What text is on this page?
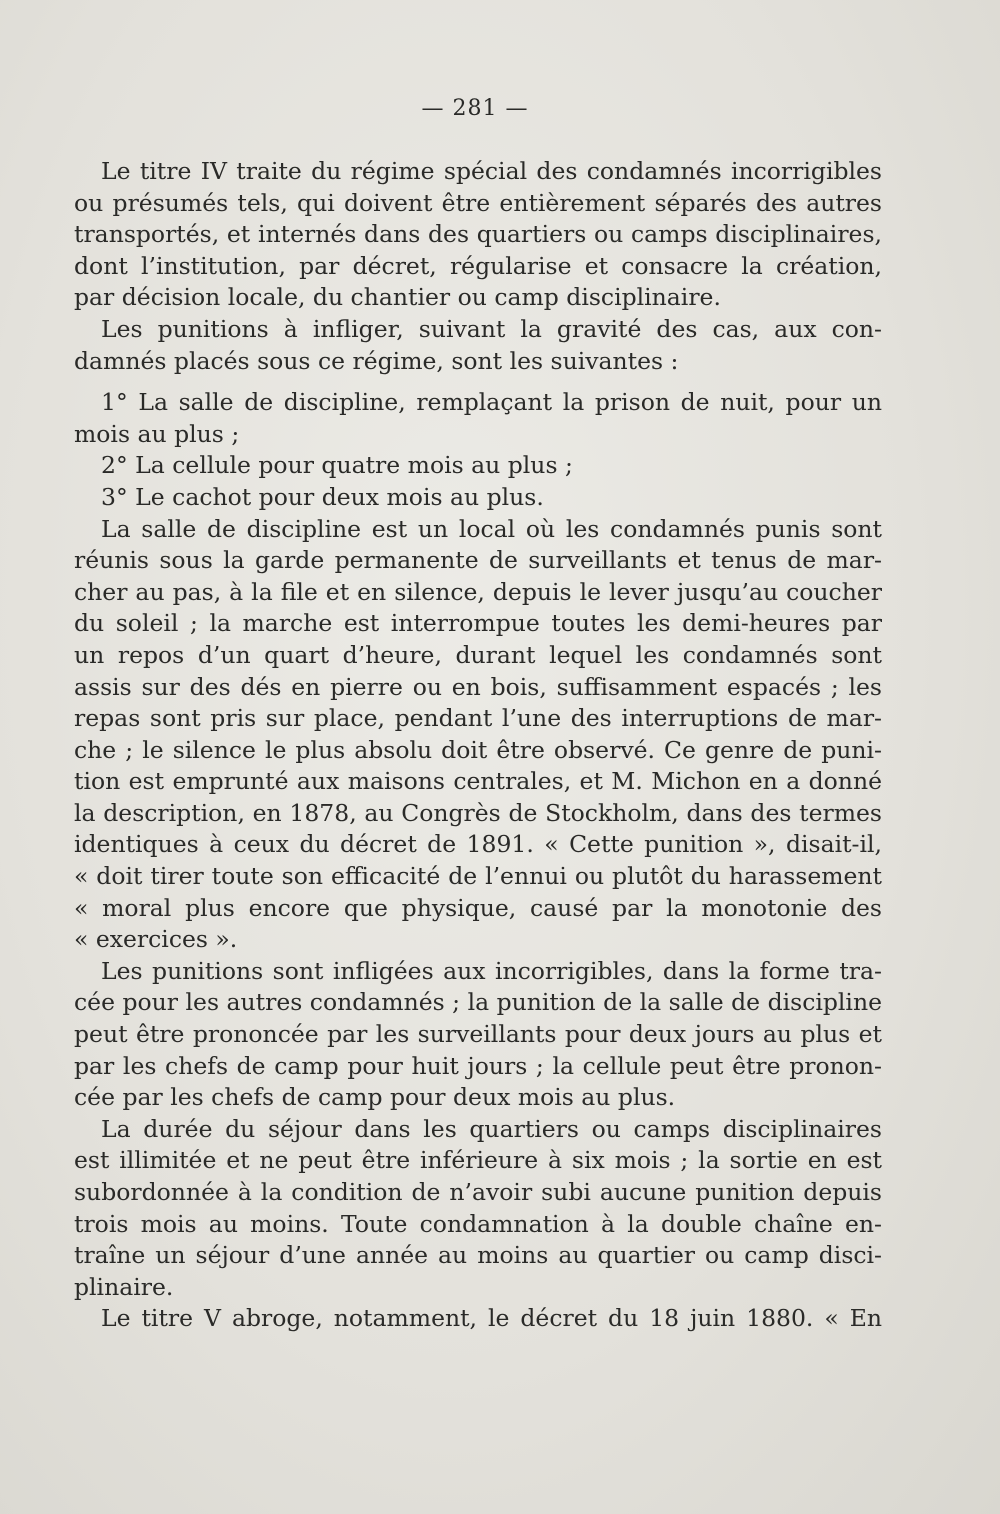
— 281 —
Le titre IV traite du régime spécial des condamnés incorrigibles
ou présumés tels, qui doivent être entièrement séparés des autres
transportés, et internés dans des quartiers ou camps disciplinaires,
dont l’institution, par décret, régularise et consacre la création,
par décision locale, du chantier ou camp disciplinaire.
Les punitions à infliger, suivant la gravité des cas, aux con-
damnés placés sous ce régime, sont les suivantes :
1° La salle de discipline, remplaçant la prison de nuit, pour un
mois au plus ;
2° La cellule pour quatre mois au plus ;
3° Le cachot pour deux mois au plus.
La salle de discipline est un local où les condamnés punis sont
réunis sous la garde permanente de surveillants et tenus de mar-
cher au pas, à la file et en silence, depuis le lever jusqu’au coucher
du soleil ; la marche est interrompue toutes les demi-heures par
un repos d’un quart d’heure, durant lequel les condamnés sont
assis sur des dés en pierre ou en bois, suffisamment espacés ; les
repas sont pris sur place, pendant l’une des interruptions de mar-
che ; le silence le plus absolu doit être observé. Ce genre de puni-
tion est emprunté aux maisons centrales, et M. Michon en a donné
la description, en 1878, au Congrès de Stockholm, dans des termes
identiques à ceux du décret de 1891. « Cette punition », disait-il,
« doit tirer toute son efficacité de l’ennui ou plutôt du harassement
« moral plus encore que physique, causé par la monotonie des
« exercices ».
Les punitions sont infligées aux incorrigibles, dans la forme tra-
cée pour les autres condamnés ; la punition de la salle de discipline
peut être prononcée par les surveillants pour deux jours au plus et
par les chefs de camp pour huit jours ; la cellule peut être pronon-
cée par les chefs de camp pour deux mois au plus.
La durée du séjour dans les quartiers ou camps disciplinaires
est illimitée et ne peut être inférieure à six mois ; la sortie en est
subordonnée à la condition de n’avoir subi aucune punition depuis
trois mois au moins. Toute condamnation à la double chaîne en-
traîne un séjour d’une année au moins au quartier ou camp disci-
plinaire.
Le titre V abroge, notamment, le décret du 18 juin 1880. « En
